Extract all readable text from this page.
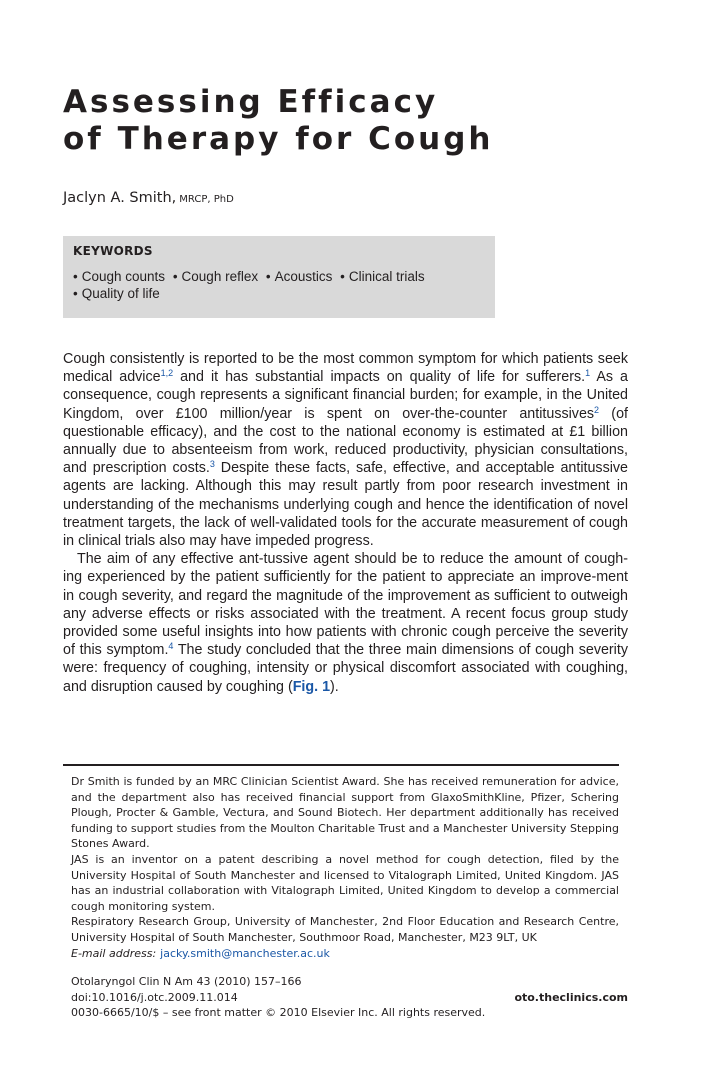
Assessing Efficacy
of Therapy for Cough
Jaclyn A. Smith, MRCP, PhD
KEYWORDS
• Cough counts • Cough reflex • Acoustics • Clinical trials
• Quality of life

Cough consistently is reported to be the most common symptom for which patients seek medical advice$^{1,2}$ and it has substantial impacts on quality of life for sufferers.$^1$ As a consequence, cough represents a significant financial burden; for example, in the United Kingdom, over £100 million/year is spent on over-the-counter antitussives$^2$ (of questionable efficacy), and the cost to the national economy is estimated at £1 billion annually due to absenteeism from work, reduced productivity, physician consultations, and prescription costs.$^3$ Despite these facts, safe, effective, and acceptable antitussive agents are lacking. Although this may result partly from poor research investment in understanding of the mechanisms underlying cough and hence the identification of novel treatment targets, the lack of well-validated tools for the accurate measurement of cough in clinical trials also may have impeded progress.

The aim of any effective ant-tussive agent should be to reduce the amount of cough-ing experienced by the patient sufficiently for the patient to appreciate an improve-ment in cough severity, and regard the magnitude of the improvement as sufficient to outweigh any adverse effects or risks associated with the treatment. A recent focus group study provided some useful insights into how patients with chronic cough perceive the severity of this symptom.$^4$ The study concluded that the three main dimensions of cough severity were: frequency of coughing, intensity or physical discomfort associated with coughing, and disruption caused by coughing (Fig. 1).

Dr Smith is funded by an MRC Clinician Scientist Award. She has received remuneration for advice, and the department also has received financial support from GlaxoSmithKline, Pfizer, Schering Plough, Procter & Gamble, Vectura, and Sound Biotech. Her department additionally has received funding to support studies from the Moulton Charitable Trust and a Manchester University Stepping Stones Award.

JAS is an inventor on a patent describing a novel method for cough detection, filed by the University Hospital of South Manchester and licensed to Vitalograph Limited, United Kingdom. JAS has an industrial collaboration with Vitalograph Limited, United Kingdom to develop a commercial cough monitoring system.

Respiratory Research Group, University of Manchester, 2nd Floor Education and Research Centre, University Hospital of South Manchester, Southmoor Road, Manchester, M23 9LT, UK

E-mail address: jacky.smith@manchester.ac.uk

Otolaryngol Clin N Am 43 (2010) 157–166
doi:10.1016/j.otc.2009.11.014	oto.theclinics.com
0030-6665/10/$ – see front matter © 2010 Elsevier Inc. All rights reserved.
